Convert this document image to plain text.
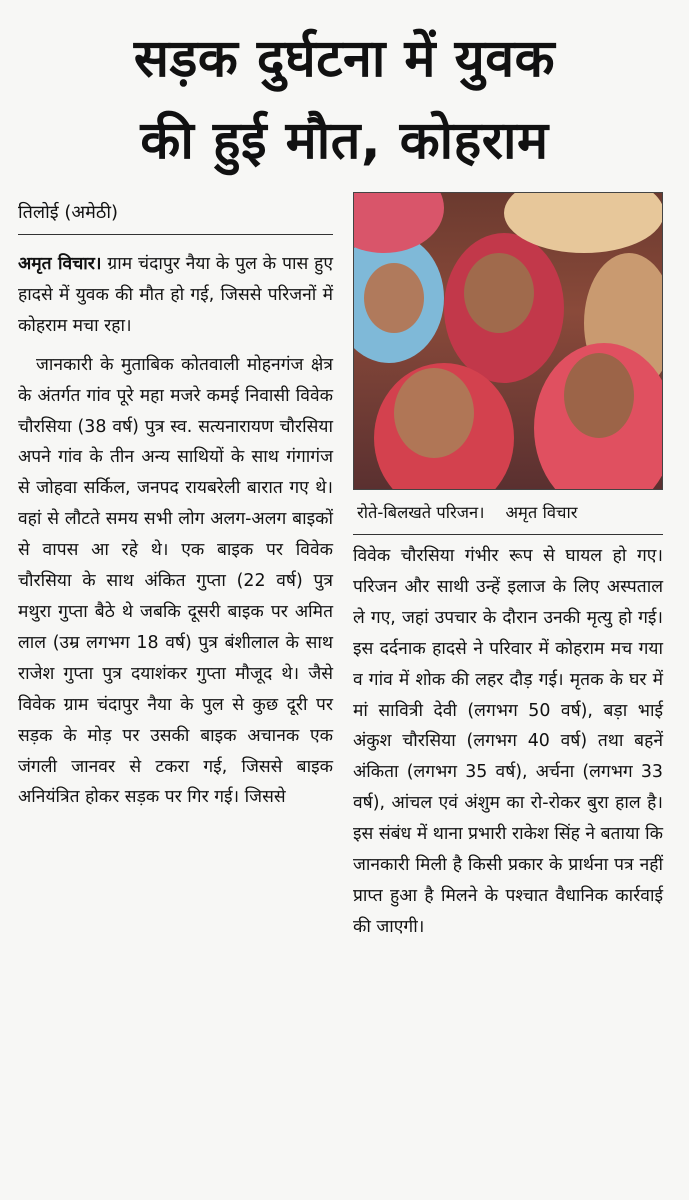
सड़क दुर्घटना में युवक
की हुई मौत, कोहराम
तिलोई (अमेठी)

अमृत विचार। ग्राम चंदापुर नैया के पुल के पास हुए हादसे में युवक की मौत हो गई, जिससे परिजनों में कोहराम मचा रहा।

जानकारी के मुताबिक कोतवाली मोहनगंज क्षेत्र के अंतर्गत गांव पूरे महा मजरे कमई निवासी विवेक चौरसिया (38 वर्ष) पुत्र स्व. सत्यनारायण चौरसिया अपने गांव के तीन अन्य साथियों के साथ गंगागंज से जोहवा सर्किल, जनपद रायबरेली बारात गए थे। वहां से लौटते समय सभी लोग अलग-अलग बाइकों से वापस आ रहे थे। एक बाइक पर विवेक चौरसिया के साथ अंकित गुप्ता (22 वर्ष) पुत्र मथुरा गुप्ता बैठे थे जबकि दूसरी बाइक पर अमित लाल (उम्र लगभग 18 वर्ष) पुत्र बंशीलाल के साथ राजेश गुप्ता पुत्र दयाशंकर गुप्ता मौजूद थे। जैसे विवेक ग्राम चंदापुर नैया के पुल से कुछ दूरी पर सड़क के मोड़ पर उसकी बाइक अचानक एक जंगली जानवर से टकरा गई, जिससे बाइक अनियंत्रित होकर सड़क पर गिर गई। जिससे

रोते-बिलखते परिजन। अमृत विचार

विवेक चौरसिया गंभीर रूप से घायल हो गए। परिजन और साथी उन्हें इलाज के लिए अस्पताल ले गए, जहां उपचार के दौरान उनकी मृत्यु हो गई। इस दर्दनाक हादसे ने परिवार में कोहराम मच गया व गांव में शोक की लहर दौड़ गई। मृतक के घर में मां सावित्री देवी (लगभग 50 वर्ष), बड़ा भाई अंकुश चौरसिया (लगभग 40 वर्ष) तथा बहनें अंकिता (लगभग 35 वर्ष), अर्चना (लगभग 33 वर्ष), आंचल एवं अंशुम का रो-रोकर बुरा हाल है। इस संबंध में थाना प्रभारी राकेश सिंह ने बताया कि जानकारी मिली है किसी प्रकार के प्रार्थना पत्र नहीं प्राप्त हुआ है मिलने के पश्चात वैधानिक कार्रवाई की जाएगी।
